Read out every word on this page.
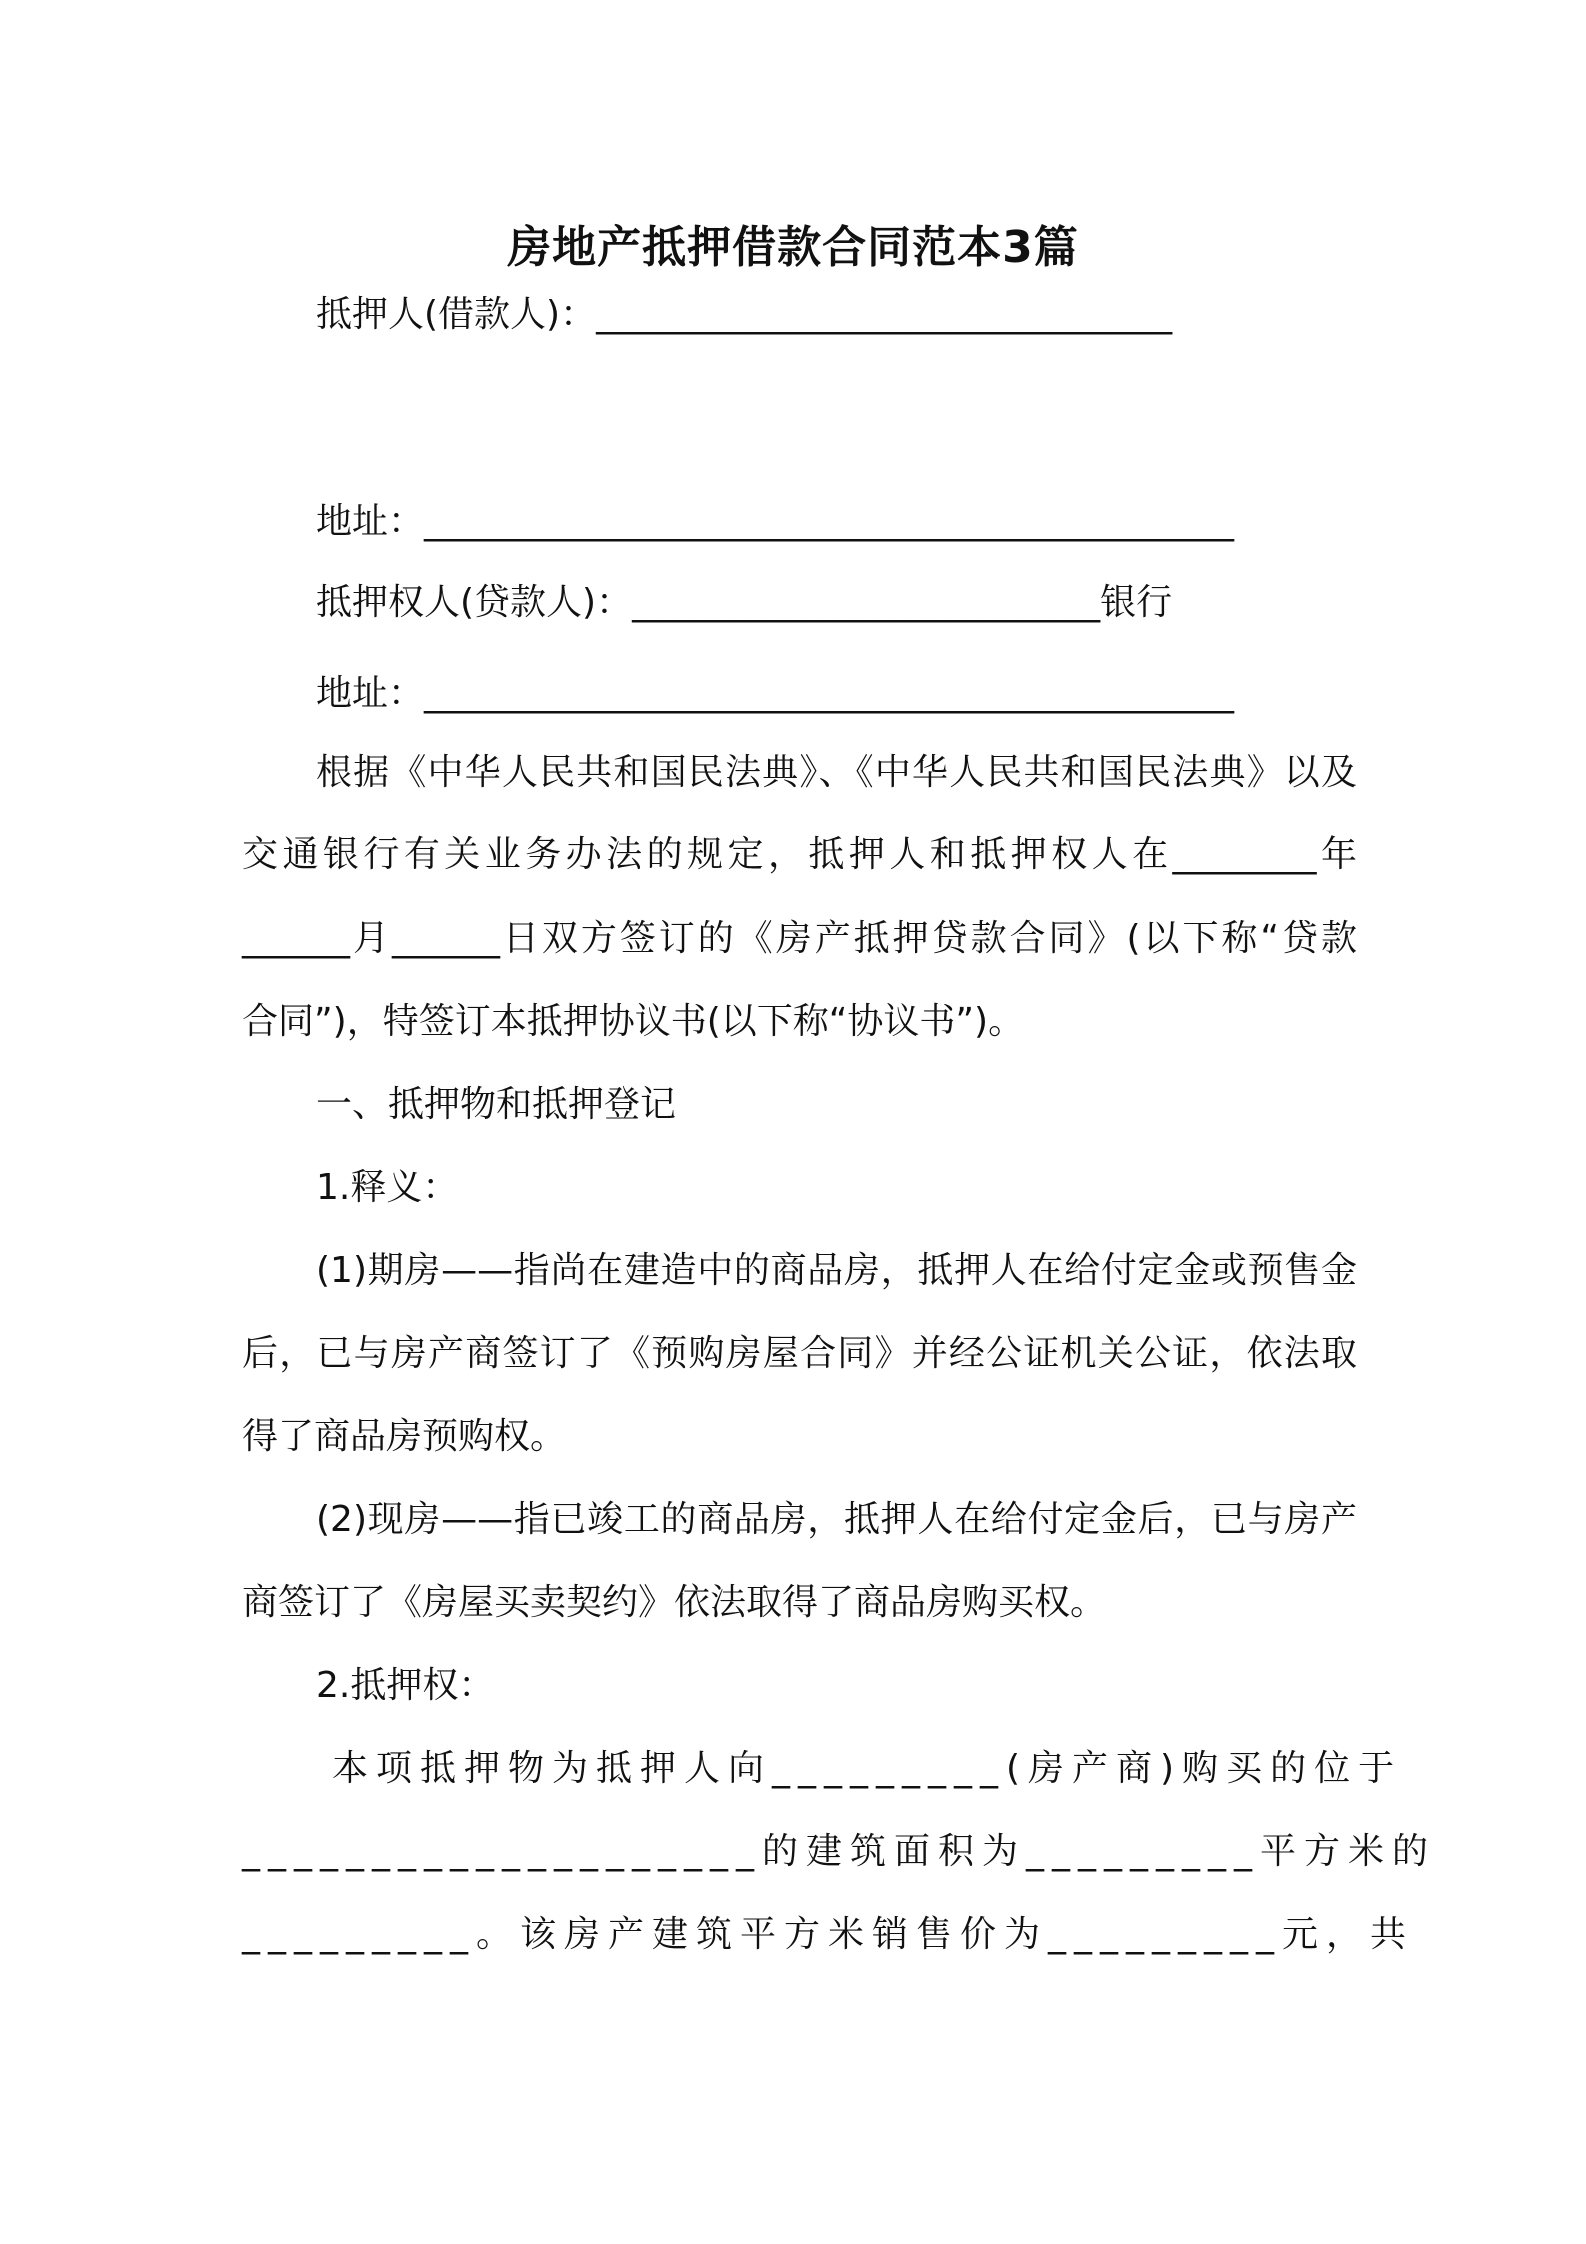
房地产抵押借款合同范本3篇
抵押人(借款人)：________________________________
地址：_____________________________________________
抵押权人(贷款人)：__________________________银行
地址：_____________________________________________
根据《中华人民共和国民法典》、《中华人民共和国民法典》以及
交通银行有关业务办法的规定，抵押人和抵押权人在________年
______月______日双方签订的《房产抵押贷款合同》(以下称“贷款
合同”)，特签订本抵押协议书(以下称“协议书”)。
一、抵押物和抵押登记
1.释义：
(1)期房——指尚在建造中的商品房，抵押人在给付定金或预售金
后，已与房产商签订了《预购房屋合同》并经公证机关公证，依法取
得了商品房预购权。
(2)现房——指已竣工的商品房，抵押人在给付定金后，已与房产
商签订了《房屋买卖契约》依法取得了商品房购买权。
2.抵押权：
本项抵押物为抵押人向_________(房产商)购买的位于
____________________的建筑面积为_________平方米的
_________。该房产建筑平方米销售价为_________元，共
